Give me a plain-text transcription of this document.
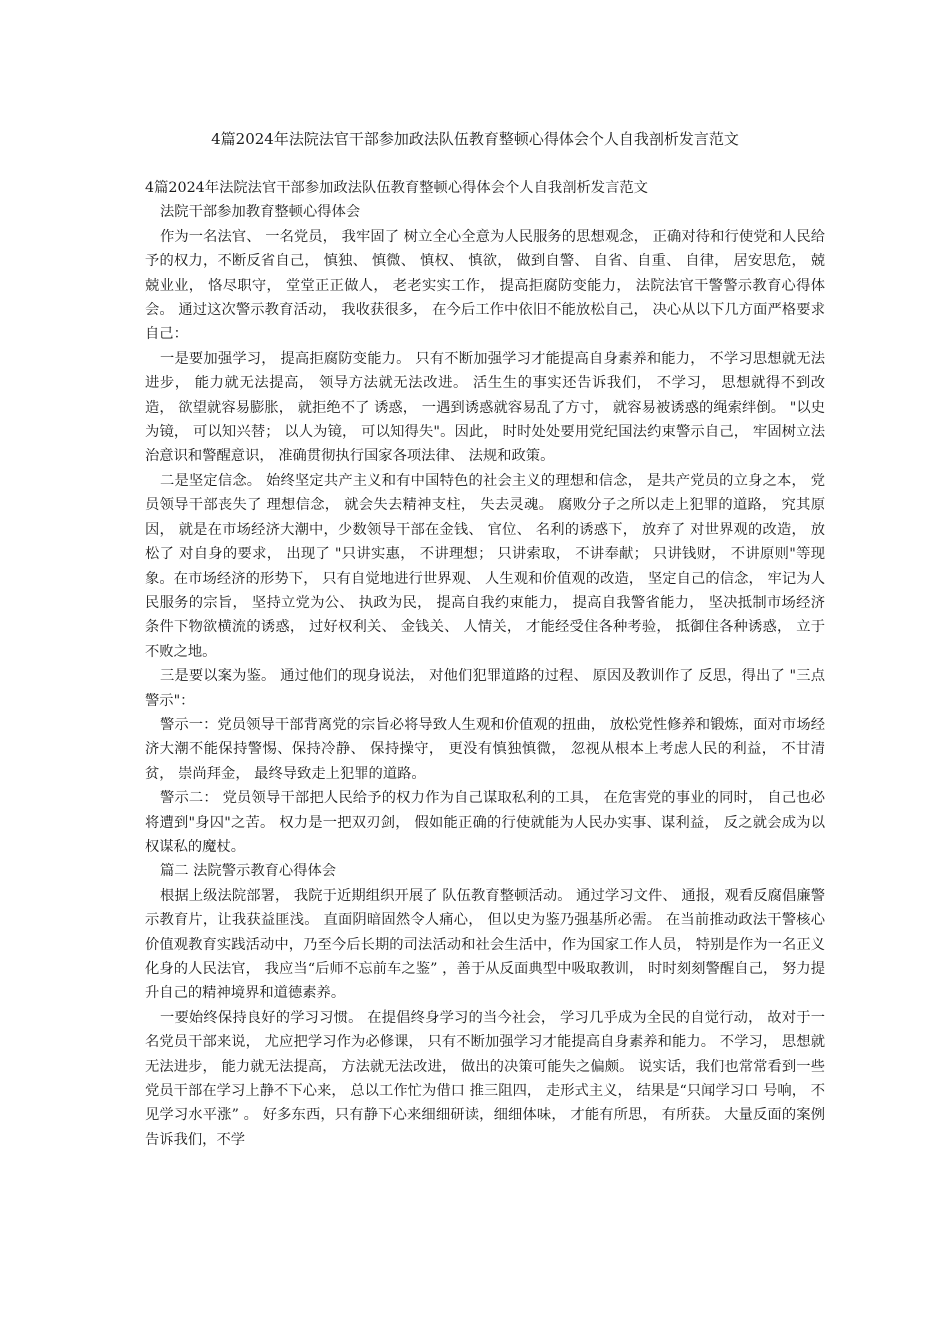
4篇2024年法院法官干部参加政法队伍教育整顿心得体会个人自我剖析发言范文

4篇2024年法院法官干部参加政法队伍教育整顿心得体会个人自我剖析发言范文

法院干部参加教育整顿心得体会

作为一名法官、 一名党员， 我牢固了 树立全心全意为人民服务的思想观念， 正确对待和行使党和人民给予的权力，不断反省自己， 慎独、 慎微、 慎权、 慎欲， 做到自警、 自省、自重、 自律， 居安思危， 兢兢业业， 恪尽职守， 堂堂正正做人， 老老实实工作， 提高拒腐防变能力， 法院法官干警警示教育心得体会。 通过这次警示教育活动， 我收获很多， 在今后工作中依旧不能放松自己， 决心从以下几方面严格要求自己：

一是要加强学习， 提高拒腐防变能力。 只有不断加强学习才能提高自身素养和能力， 不学习思想就无法进步， 能力就无法提高， 领导方法就无法改进。 活生生的事实还告诉我们， 不学习， 思想就得不到改造， 欲望就容易膨胀， 就拒绝不了 诱惑， 一遇到诱惑就容易乱了方寸， 就容易被诱惑的绳索绊倒。 "以史为镜， 可以知兴替； 以人为镜， 可以知得失"。因此， 时时处处要用党纪国法约束警示自己， 牢固树立法治意识和警醒意识， 准确贯彻执行国家各项法律、 法规和政策。

二是坚定信念。 始终坚定共产主义和有中国特色的社会主义的理想和信念， 是共产党员的立身之本， 党员领导干部丧失了 理想信念， 就会失去精神支柱， 失去灵魂。 腐败分子之所以走上犯罪的道路， 究其原因， 就是在市场经济大潮中，少数领导干部在金钱、 官位、 名利的诱惑下， 放弃了 对世界观的改造， 放松了 对自身的要求， 出现了 "只讲实惠， 不讲理想； 只讲索取， 不讲奉献； 只讲钱财， 不讲原则"等现象。在市场经济的形势下， 只有自觉地进行世界观、 人生观和价值观的改造， 坚定自己的信念， 牢记为人民服务的宗旨， 坚持立党为公、 执政为民， 提高自我约束能力， 提高自我警省能力， 坚决抵制市场经济条件下物欲横流的诱惑， 过好权利关、 金钱关、 人情关， 才能经受住各种考验， 抵御住各种诱惑， 立于不败之地。

三是要以案为鉴。 通过他们的现身说法， 对他们犯罪道路的过程、 原因及教训作了 反思，得出了 "三点警示"：

警示一：党员领导干部背离党的宗旨必将导致人生观和价值观的扭曲， 放松党性修养和锻炼，面对市场经济大潮不能保持警惕、保持冷静、 保持操守， 更没有慎独慎微， 忽视从根本上考虑人民的利益， 不甘清贫， 崇尚拜金， 最终导致走上犯罪的道路。

警示二： 党员领导干部把人民给予的权力作为自己谋取私利的工具， 在危害党的事业的同时， 自己也必将遭到"身囚"之苦。 权力是一把双刃剑， 假如能正确的行使就能为人民办实事、谋利益， 反之就会成为以权谋私的魔杖。

篇二 法院警示教育心得体会

根据上级法院部署， 我院于近期组织开展了 队伍教育整顿活动。 通过学习文件、 通报，观看反腐倡廉警示教育片，让我获益匪浅。 直面阴暗固然令人痛心， 但以史为鉴乃强基所必需。 在当前推动政法干警核心价值观教育实践活动中，乃至今后长期的司法活动和社会生活中，作为国家工作人员， 特别是作为一名正义化身的人民法官， 我应当“后师不忘前车之鉴” ，善于从反面典型中吸取教训， 时时刻刻警醒自己， 努力提升自己的精神境界和道德素养。

一要始终保持良好的学习习惯。 在提倡终身学习的当今社会， 学习几乎成为全民的自觉行动， 故对于一名党员干部来说， 尤应把学习作为必修课， 只有不断加强学习才能提高自身素养和能力。 不学习， 思想就无法进步， 能力就无法提高， 方法就无法改进， 做出的决策可能失之偏颇。 说实话，我们也常常看到一些党员干部在学习上静不下心来， 总以工作忙为借口 推三阻四， 走形式主义， 结果是“只闻学习口 号响， 不见学习水平涨” 。 好多东西，只有静下心来细细研读，细细体味， 才能有所思， 有所获。 大量反面的案例告诉我们，不学
